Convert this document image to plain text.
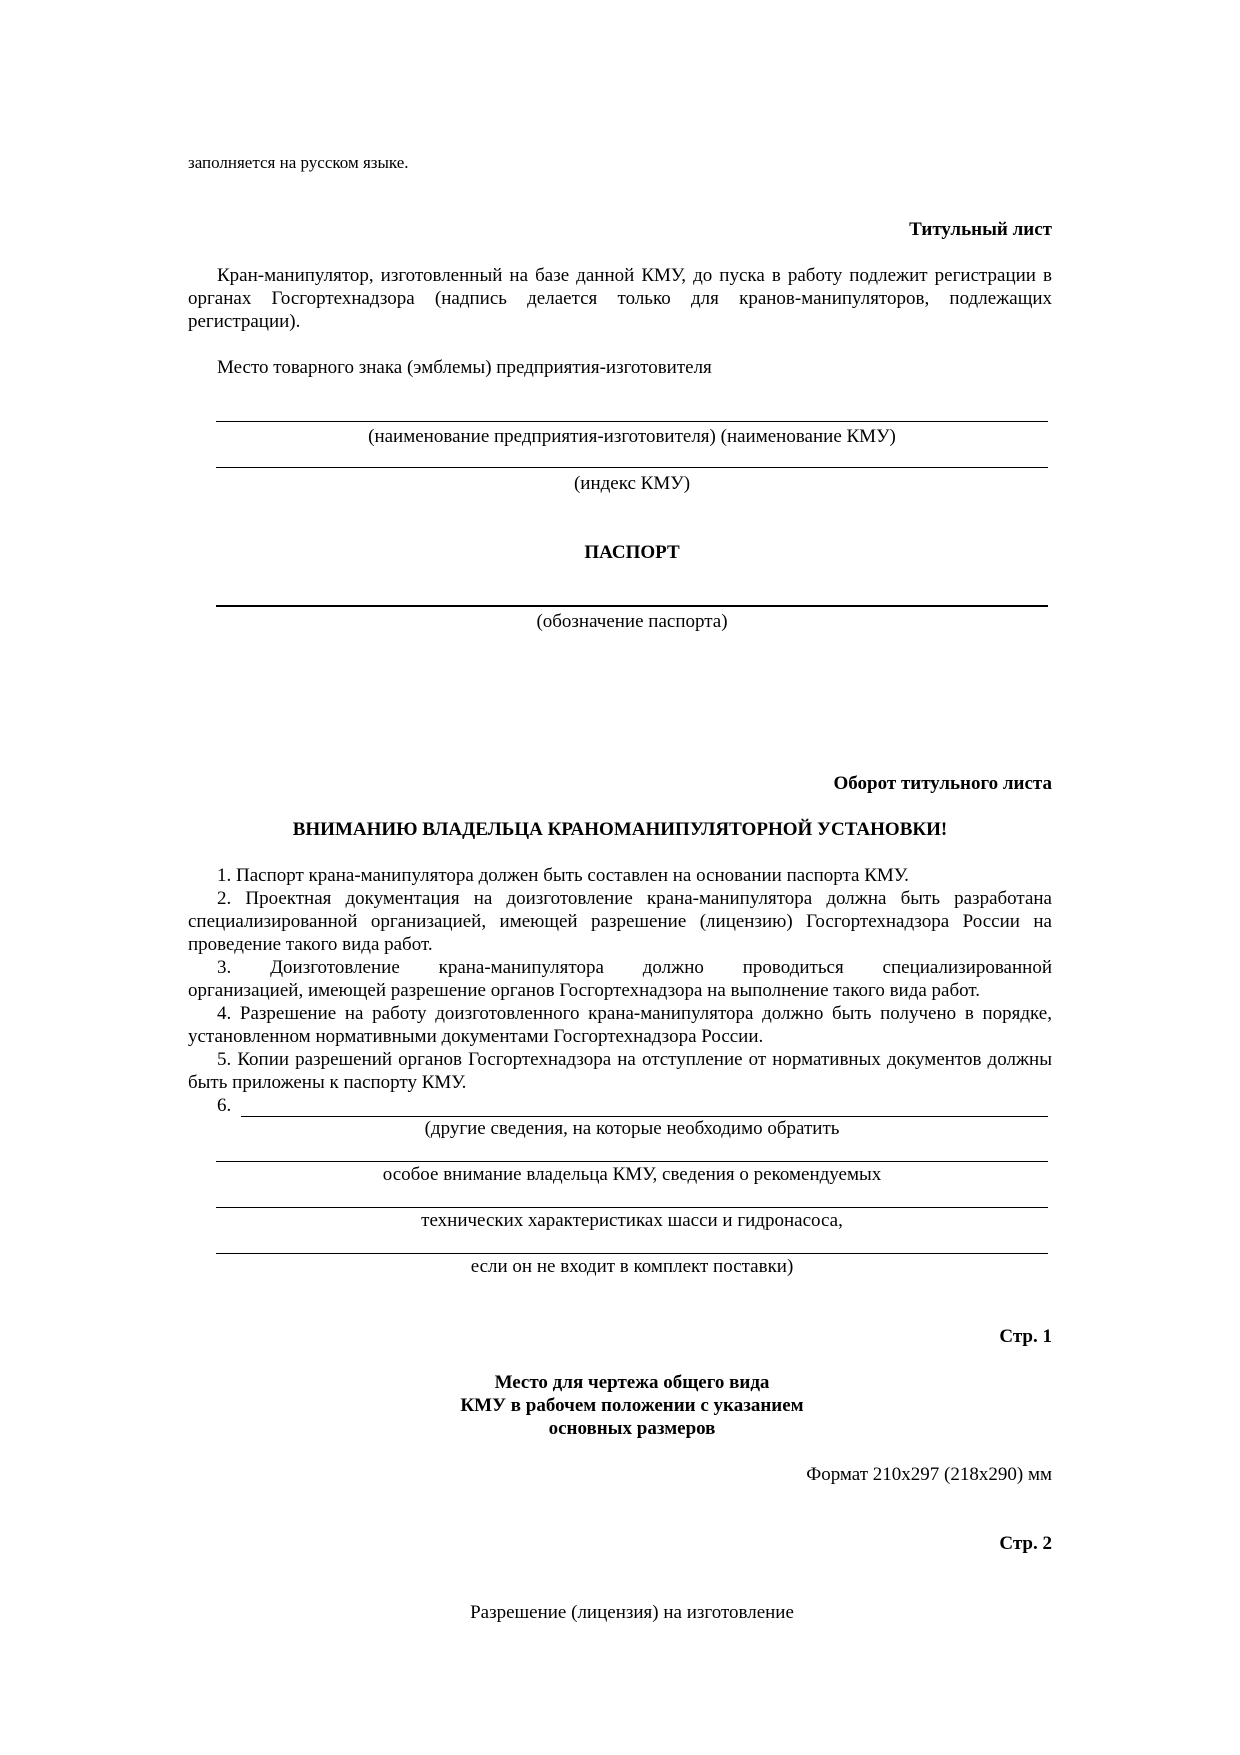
заполняется на русском языке.
Титульный лист
Кран-манипулятор, изготовленный на базе данной КМУ, до пуска в работу подлежит регистрации в органах Госгортехнадзора (надпись делается только для кранов-манипуляторов, подлежащих регистрации).
Место товарного знака (эмблемы) предприятия-изготовителя
(наименование предприятия-изготовителя) (наименование КМУ)
(индекс КМУ)
ПАСПОРТ
(обозначение паспорта)
Оборот титульного листа
ВНИМАНИЮ ВЛАДЕЛЬЦА КРАНОМАНИПУЛЯТОРНОЙ УСТАНОВКИ!
1. Паспорт крана-манипулятора должен быть составлен на основании паспорта КМУ.
2. Проектная документация на доизготовление крана-манипулятора должна быть разработана специализированной организацией, имеющей разрешение (лицензию) Госгортехнадзора России на проведение такого вида работ.
3. Доизготовление крана-манипулятора должно проводиться специализированной
организацией, имеющей разрешение органов Госгортехнадзора на выполнение такого вида работ.
4. Разрешение на работу доизготовленного крана-манипулятора должно быть получено в порядке, установленном нормативными документами Госгортехнадзора России.
5. Копии разрешений органов Госгортехнадзора на отступление от нормативных документов должны быть приложены к паспорту КМУ.
6.
(другие сведения, на которые необходимо обратить
особое внимание владельца КМУ, сведения о рекомендуемых
технических характеристиках шасси и гидронасоса,
если он не входит в комплект поставки)
Стр. 1
Место для чертежа общего вида
КМУ в рабочем положении с указанием
основных размеров
Формат 210x297 (218x290) мм
Стр. 2
Разрешение (лицензия) на изготовление
